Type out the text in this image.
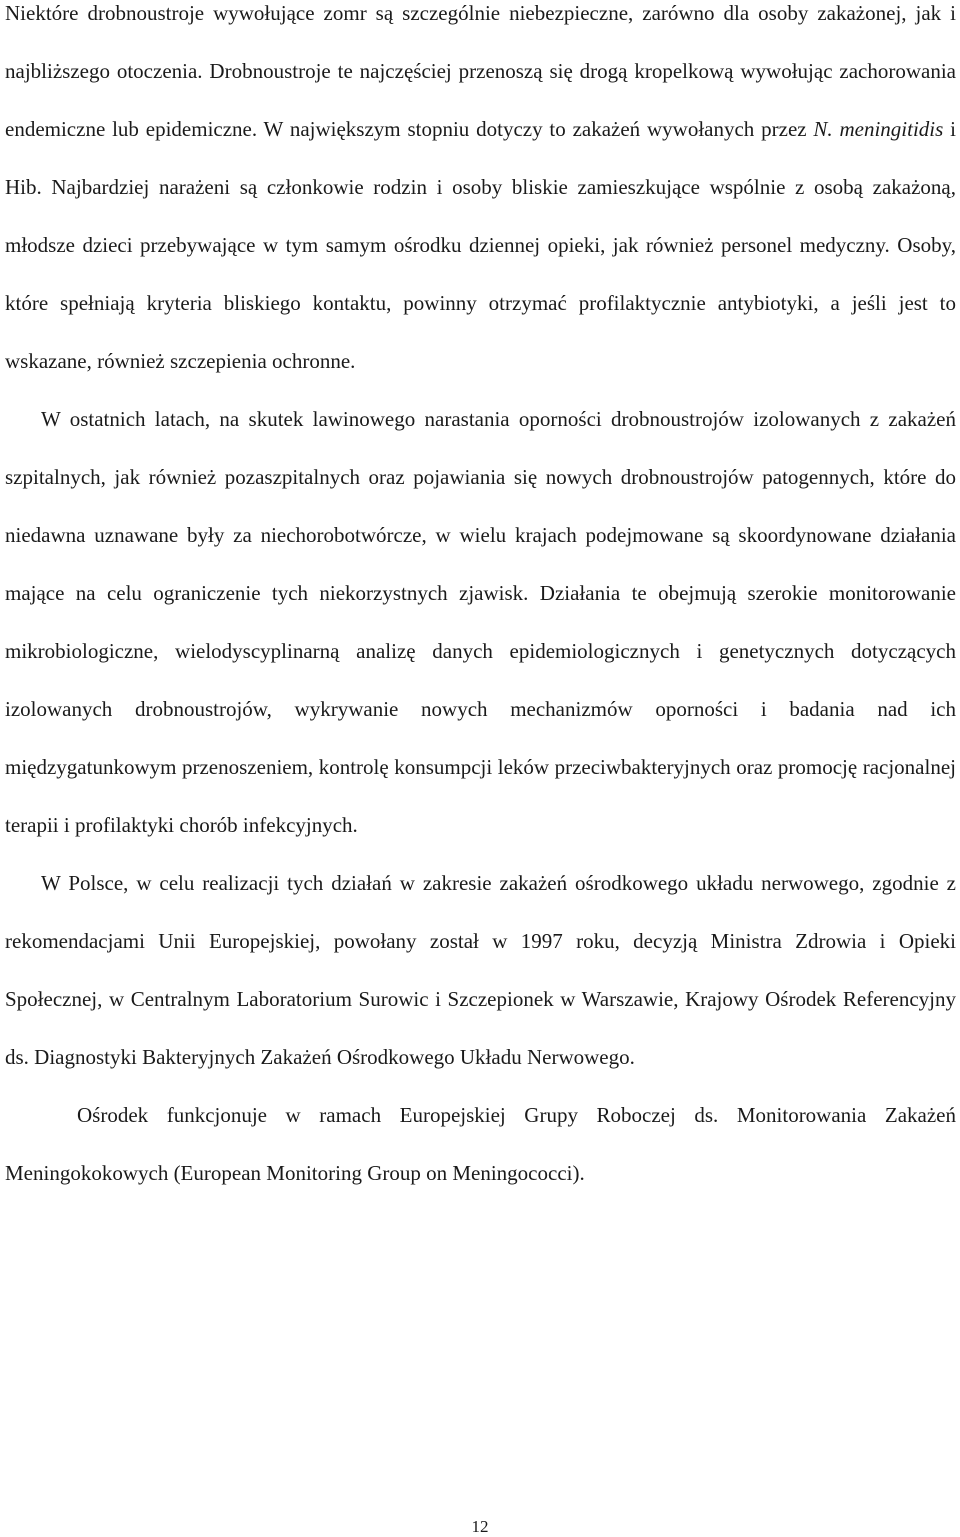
Niektóre drobnoustroje wywołujące zomr są szczególnie niebezpieczne, zarówno dla osoby zakażonej, jak i najbliższego otoczenia. Drobnoustroje te najczęściej przenoszą się drogą kropelkową wywołując zachorowania endemiczne lub epidemiczne. W największym stopniu dotyczy to zakażeń wywołanych przez N. meningitidis i Hib. Najbardziej narażeni są członkowie rodzin i osoby bliskie zamieszkujące wspólnie z osobą zakażoną, młodsze dzieci przebywające w tym samym ośrodku dziennej opieki, jak również personel medyczny. Osoby, które spełniają kryteria bliskiego kontaktu, powinny otrzymać profilaktycznie antybiotyki, a jeśli jest to wskazane, również szczepienia ochronne.

W ostatnich latach, na skutek lawinowego narastania oporności drobnoustrojów izolowanych z zakażeń szpitalnych, jak również pozaszpitalnych oraz pojawiania się nowych drobnoustrojów patogennych, które do niedawna uznawane były za niechorobotwórcze, w wielu krajach podejmowane są skoordynowane działania mające na celu ograniczenie tych niekorzystnych zjawisk. Działania te obejmują szerokie monitorowanie mikrobiologiczne, wielodyscyplinarną analizę danych epidemiologicznych i genetycznych dotyczących izolowanych drobnoustrojów, wykrywanie nowych mechanizmów oporności i badania nad ich międzygatunkowym przenoszeniem, kontrolę konsumpcji leków przeciwbakteryjnych oraz promocję racjonalnej terapii i profilaktyki chorób infekcyjnych.

W Polsce, w celu realizacji tych działań w zakresie zakażeń ośrodkowego układu nerwowego, zgodnie z rekomendacjami Unii Europejskiej, powołany został w 1997 roku, decyzją Ministra Zdrowia i Opieki Społecznej, w Centralnym Laboratorium Surowic i Szczepionek w Warszawie, Krajowy Ośrodek Referencyjny ds. Diagnostyki Bakteryjnych Zakażeń Ośrodkowego Układu Nerwowego.

Ośrodek funkcjonuje w ramach Europejskiej Grupy Roboczej ds. Monitorowania Zakażeń Meningokokowych (European Monitoring Group on Meningococci).

12
